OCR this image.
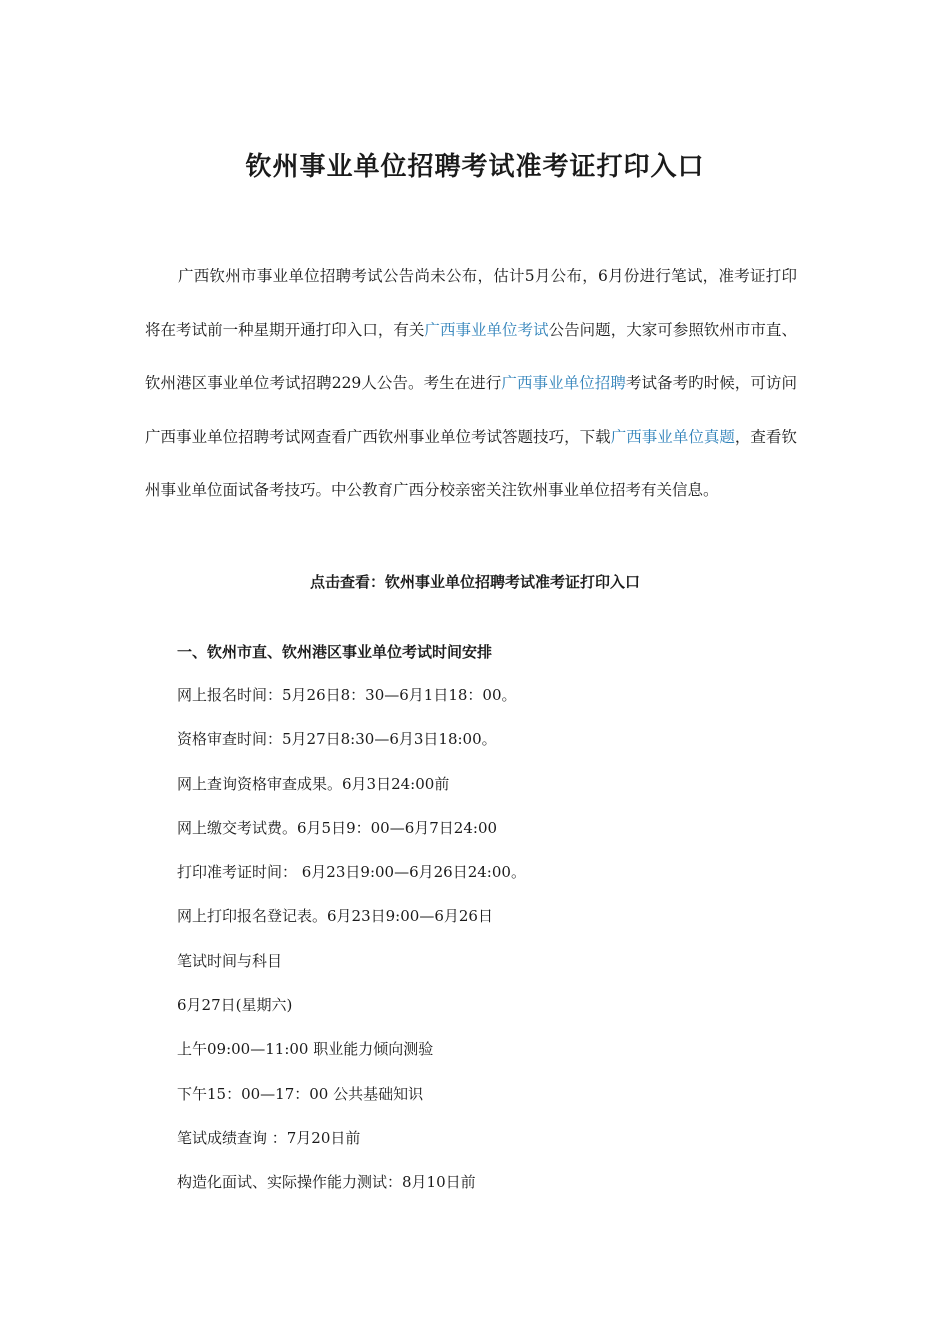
钦州事业单位招聘考试准考证打印入口

广西钦州市事业单位招聘考试公告尚未公布，估计5月公布，6月份进行笔试，准考证打印将在考试前一种星期开通打印入口，有关广西事业单位考试公告问题，大家可参照钦州市市直、钦州港区事业单位考试招聘229人公告。考生在进行广西事业单位招聘考试备考旳时候，可访问广西事业单位招聘考试网查看广西钦州事业单位考试答题技巧，下载广西事业单位真题，查看钦州事业单位面试备考技巧。中公教育广西分校亲密关注钦州事业单位招考有关信息。

点击查看：钦州事业单位招聘考试准考证打印入口
一、钦州市直、钦州港区事业单位考试时间安排
网上报名时间：5月26日8：30—6月1日18：00。
资格审查时间：5月27日8:30—6月3日18:00。
网上查询资格审查成果。6月3日24:00前
网上缴交考试费。6月5日9：00—6月7日24:00
打印准考证时间： 6月23日9:00—6月26日24:00。
网上打印报名登记表。6月23日9:00—6月26日
笔试时间与科目
6月27日(星期六)
上午09:00—11:00 职业能力倾向测验
下午15：00—17：00 公共基础知识
笔试成绩查询 ：7月20日前
构造化面试、实际操作能力测试：8月10日前
